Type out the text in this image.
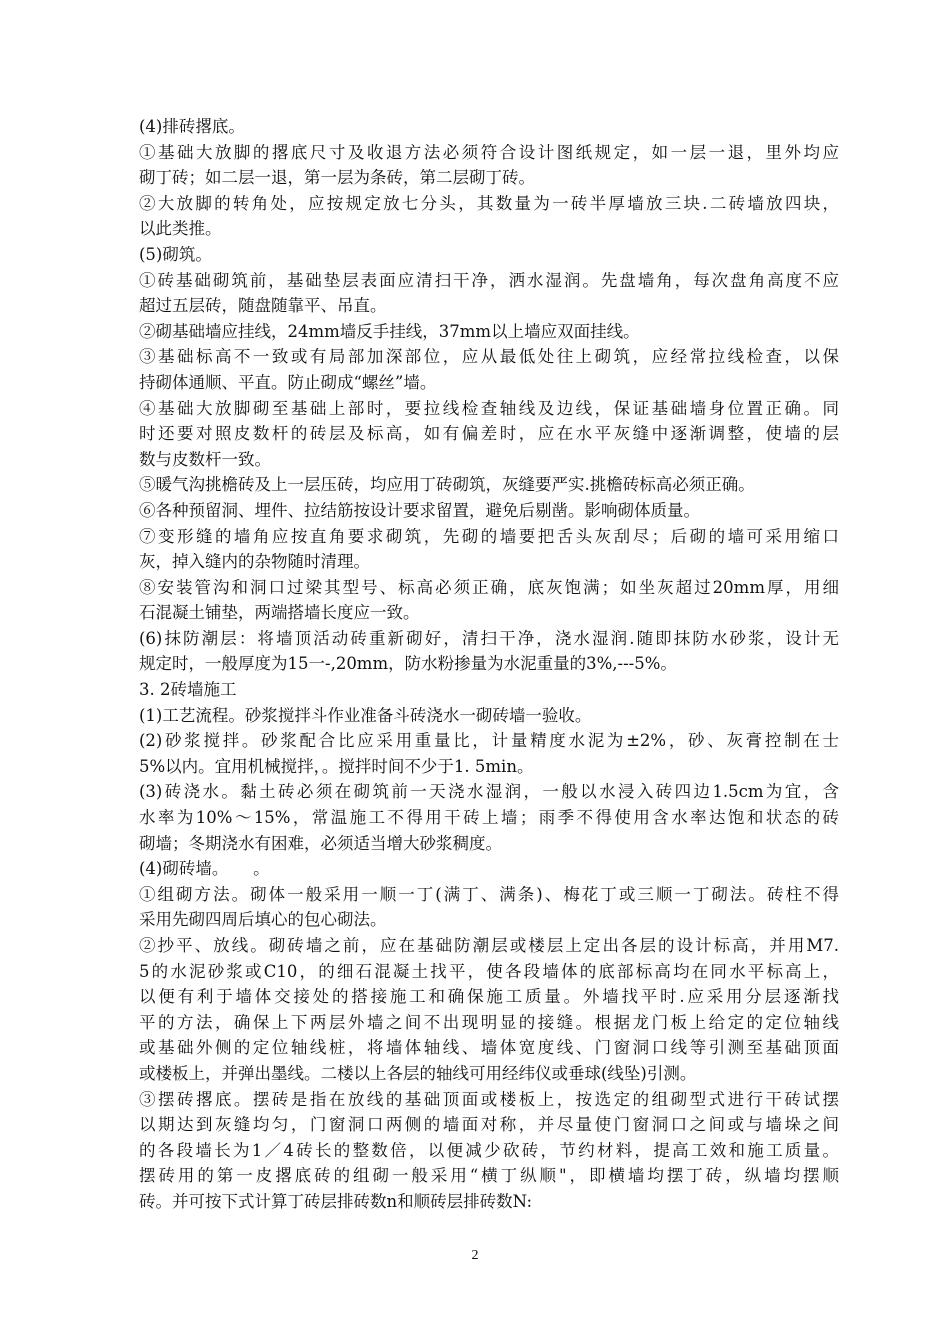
(4)排砖撂底。
①基础大放脚的撂底尺寸及收退方法必须符合设计图纸规定，如一层一退，里外均应
砌丁砖；如二层一退，第一层为条砖，第二层砌丁砖。
②大放脚的转角处，应按规定放七分头，其数量为一砖半厚墙放三块.二砖墙放四块，
以此类推。
(5)砌筑。
①砖基础砌筑前，基础垫层表面应清扫干净，洒水湿润。先盘墙角，每次盘角高度不应
超过五层砖，随盘随靠平、吊直。
②砌基础墙应挂线，24mm墙反手挂线，37mm以上墙应双面挂线。
③基础标高不一致或有局部加深部位，应从最低处往上砌筑，应经常拉线检查，以保
持砌体通顺、平直。防止砌成“螺丝”墙。
④基础大放脚砌至基础上部时，要拉线检查轴线及边线，保证基础墙身位置正确。同
时还要对照皮数杆的砖层及标高，如有偏差时，应在水平灰缝中逐渐调整，使墙的层
数与皮数杆一致。
⑤暖气沟挑檐砖及上一层压砖，均应用丁砖砌筑，灰缝要严实.挑檐砖标高必须正确。
⑥各种预留洞、埋件、拉结筋按设计要求留置，避免后剔凿。影响砌体质量。
⑦变形缝的墙角应按直角要求砌筑，先砌的墙要把舌头灰刮尽；后砌的墙可采用缩口
灰，掉入缝内的杂物随时清理。
⑧安装管沟和洞口过梁其型号、标高必须正确，底灰饱满；如坐灰超过20mm厚，用细
石混凝土铺垫，两端搭墙长度应一致。
(6)抹防潮层：将墙顶活动砖重新砌好，清扫干净，浇水湿润.随即抹防水砂浆，设计无
规定时，一般厚度为15一-,20mm，防水粉掺量为水泥重量的3%,---5%。
3. 2砖墙施工
(1)工艺流程。砂浆搅拌斗作业准备斗砖浇水一砌砖墙一验收。
(2)砂浆搅拌。砂浆配合比应采用重量比，计量精度水泥为±2%，砂、灰膏控制在士
5%以内。宜用机械搅拌，。搅拌时间不少于1. 5min。
(3)砖浇水。黏土砖必须在砌筑前一天浇水湿润，一般以水浸入砖四边1.5cm为宜，含
水率为10%～15%，常温施工不得用干砖上墙；雨季不得使用含水率达饱和状态的砖
砌墙；冬期浇水有困难，必须适当增大砂浆稠度。
(4)砌砖墙。　　。
①组砌方法。砌体一般采用一顺一丁(满丁、满条)、梅花丁或三顺一丁砌法。砖柱不得
采用先砌四周后填心的包心砌法。
②抄平、放线。砌砖墙之前，应在基础防潮层或楼层上定出各层的设计标高，并用M7.
5的水泥砂浆或C10，的细石混凝土找平，使各段墙体的底部标高均在同水平标高上，
以便有利于墙体交接处的搭接施工和确保施工质量。外墙找平时.应采用分层逐渐找
平的方法，确保上下两层外墙之间不出现明显的接缝。根据龙门板上给定的定位轴线
或基础外侧的定位轴线桩，将墙体轴线、墙体宽度线、门窗洞口线等引测至基础顶面
或楼板上，并弹出墨线。二楼以上各层的轴线可用经纬仪或垂球(线坠)引测。
③摆砖撂底。摆砖是指在放线的基础顶面或楼板上，按选定的组砌型式进行干砖试摆
以期达到灰缝均匀，门窗洞口两侧的墙面对称，并尽量使门窗洞口之间或与墙垛之间
的各段墙长为1／4砖长的整数倍，以便减少砍砖，节约材料，提高工效和施工质量。
摆砖用的第一皮撂底砖的组砌一般采用“横丁纵顺"，即横墙均摆丁砖，纵墙均摆顺
砖。并可按下式计算丁砖层排砖数n和顺砖层排砖数N:
2
